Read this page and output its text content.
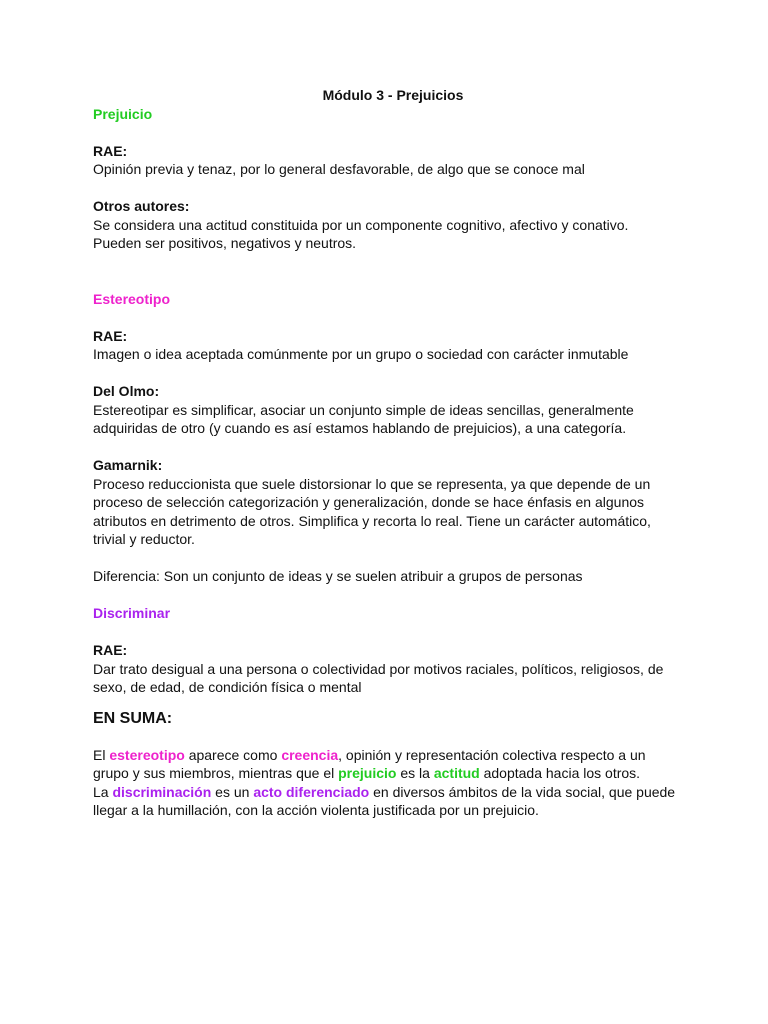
Módulo 3 - Prejuicios

Prejuicio

RAE:

Opinión previa y tenaz, por lo general desfavorable, de algo que se conoce mal

Otros autores:

Se considera una actitud constituida por un componente cognitivo, afectivo y conativo.

Pueden ser positivos, negativos y neutros.

Estereotipo

RAE:

Imagen o idea aceptada comúnmente por un grupo o sociedad con carácter inmutable

Del Olmo:

Estereotipar es simplificar, asociar un conjunto simple de ideas sencillas, generalmente

adquiridas de otro (y cuando es así estamos hablando de prejuicios), a una categoría.

Gamarnik:

Proceso reduccionista que suele distorsionar lo que se representa, ya que depende de un

proceso de selección categorización y generalización, donde se hace énfasis en algunos

atributos en detrimento de otros. Simplifica y recorta lo real. Tiene un carácter automático,

trivial y reductor.

Diferencia: Son un conjunto de ideas y se suelen atribuir a grupos de personas

Discriminar

RAE:

Dar trato desigual a una persona o colectividad por motivos raciales, políticos, religiosos, de

sexo, de edad, de condición física o mental

EN SUMA:

El estereotipo aparece como creencia, opinión y representación colectiva respecto a un

grupo y sus miembros, mientras que el prejuicio es la actitud adoptada hacia los otros.

La discriminación es un acto diferenciado en diversos ámbitos de la vida social, que puede

llegar a la humillación, con la acción violenta justificada por un prejuicio.
